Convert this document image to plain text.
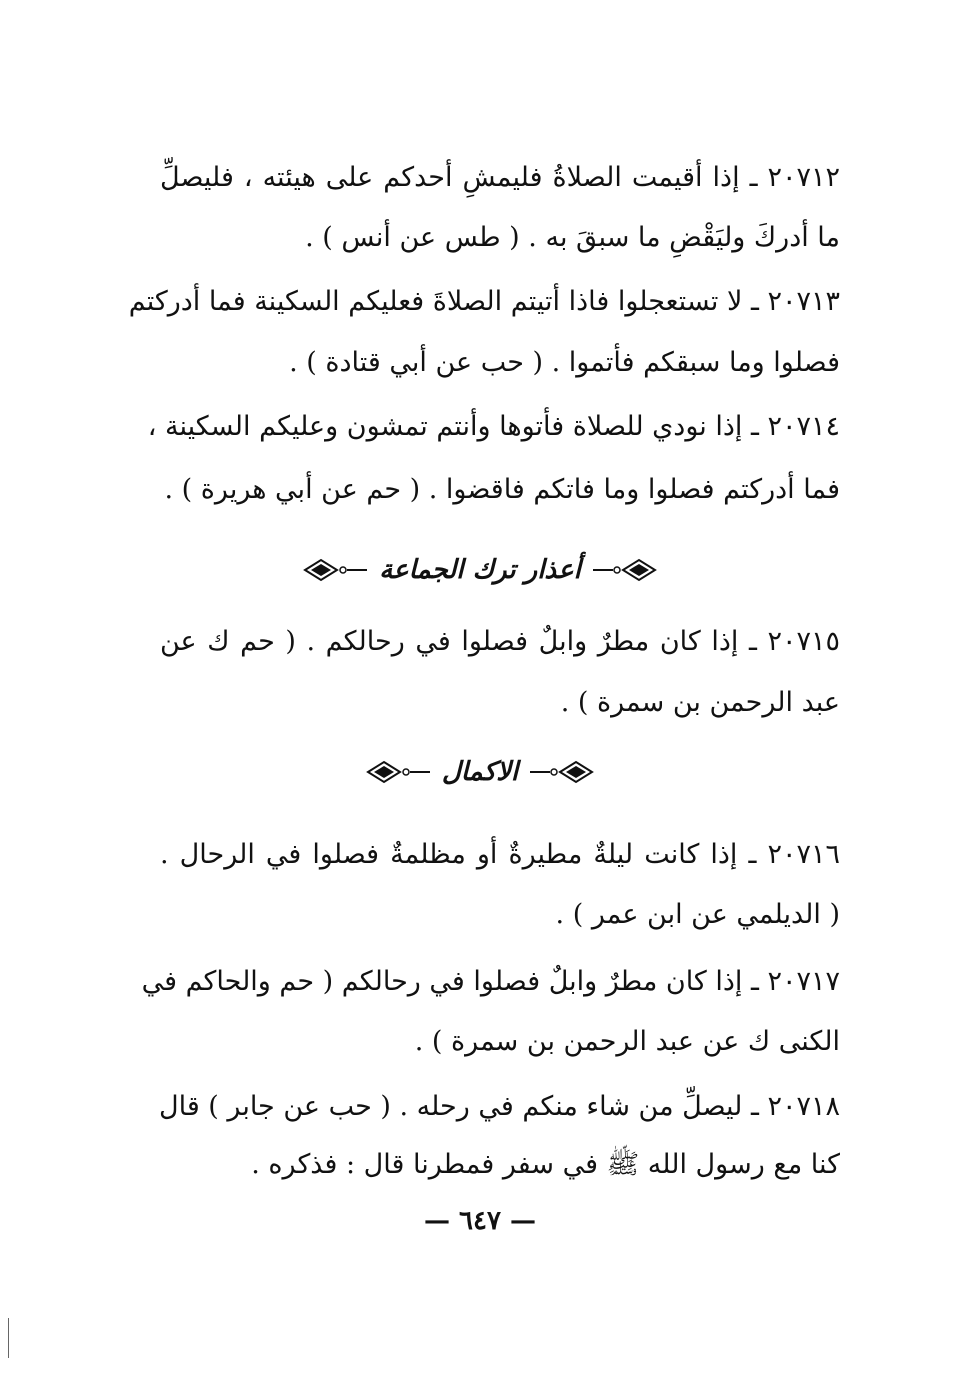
٢٠٧١٢ ـ إذا أقيمت الصلاةُ فليمشِ أحدكم على هيئته ، فليصلِّ
ما أدركَ وليَقْضِ ما سبقَ به . ( طس عن أنس ) .
٢٠٧١٣ ـ لا تستعجلوا فاذا أتيتم الصلاةَ فعليكم السكينة فما أدركتم
فصلوا وما سبقكم فأتموا . ( حب عن أبي قتادة ) .
٢٠٧١٤ ـ إذا نودي للصلاة فأتوها وأنتم تمشون وعليكم السكينة ،
فما أدركتم فصلوا وما فاتكم فاقضوا . ( حم عن أبي هريرة ) .
أعذار ترك الجماعة
٢٠٧١٥ ـ إذا كان مطرٌ وابلٌ فصلوا في رحالكم . ( حم ك عن
عبد الرحمن بن سمرة ) .
الاكمال
٢٠٧١٦ ـ إذا كانت ليلةٌ مطيرةٌ أو مظلمةٌ فصلوا في الرحال .
( الديلمي عن ابن عمر ) .
٢٠٧١٧ ـ إذا كان مطرٌ وابلٌ فصلوا في رحالكم ( حم والحاكم في
الكنى ك عن عبد الرحمن بن سمرة ) .
٢٠٧١٨ ـ ليصلِّ من شاء منكم في رحله . ( حب عن جابر ) قال
كنا مع رسول الله ﷺ في سفر فمطرنا قال : فذكره .
— ٦٤٧ —
